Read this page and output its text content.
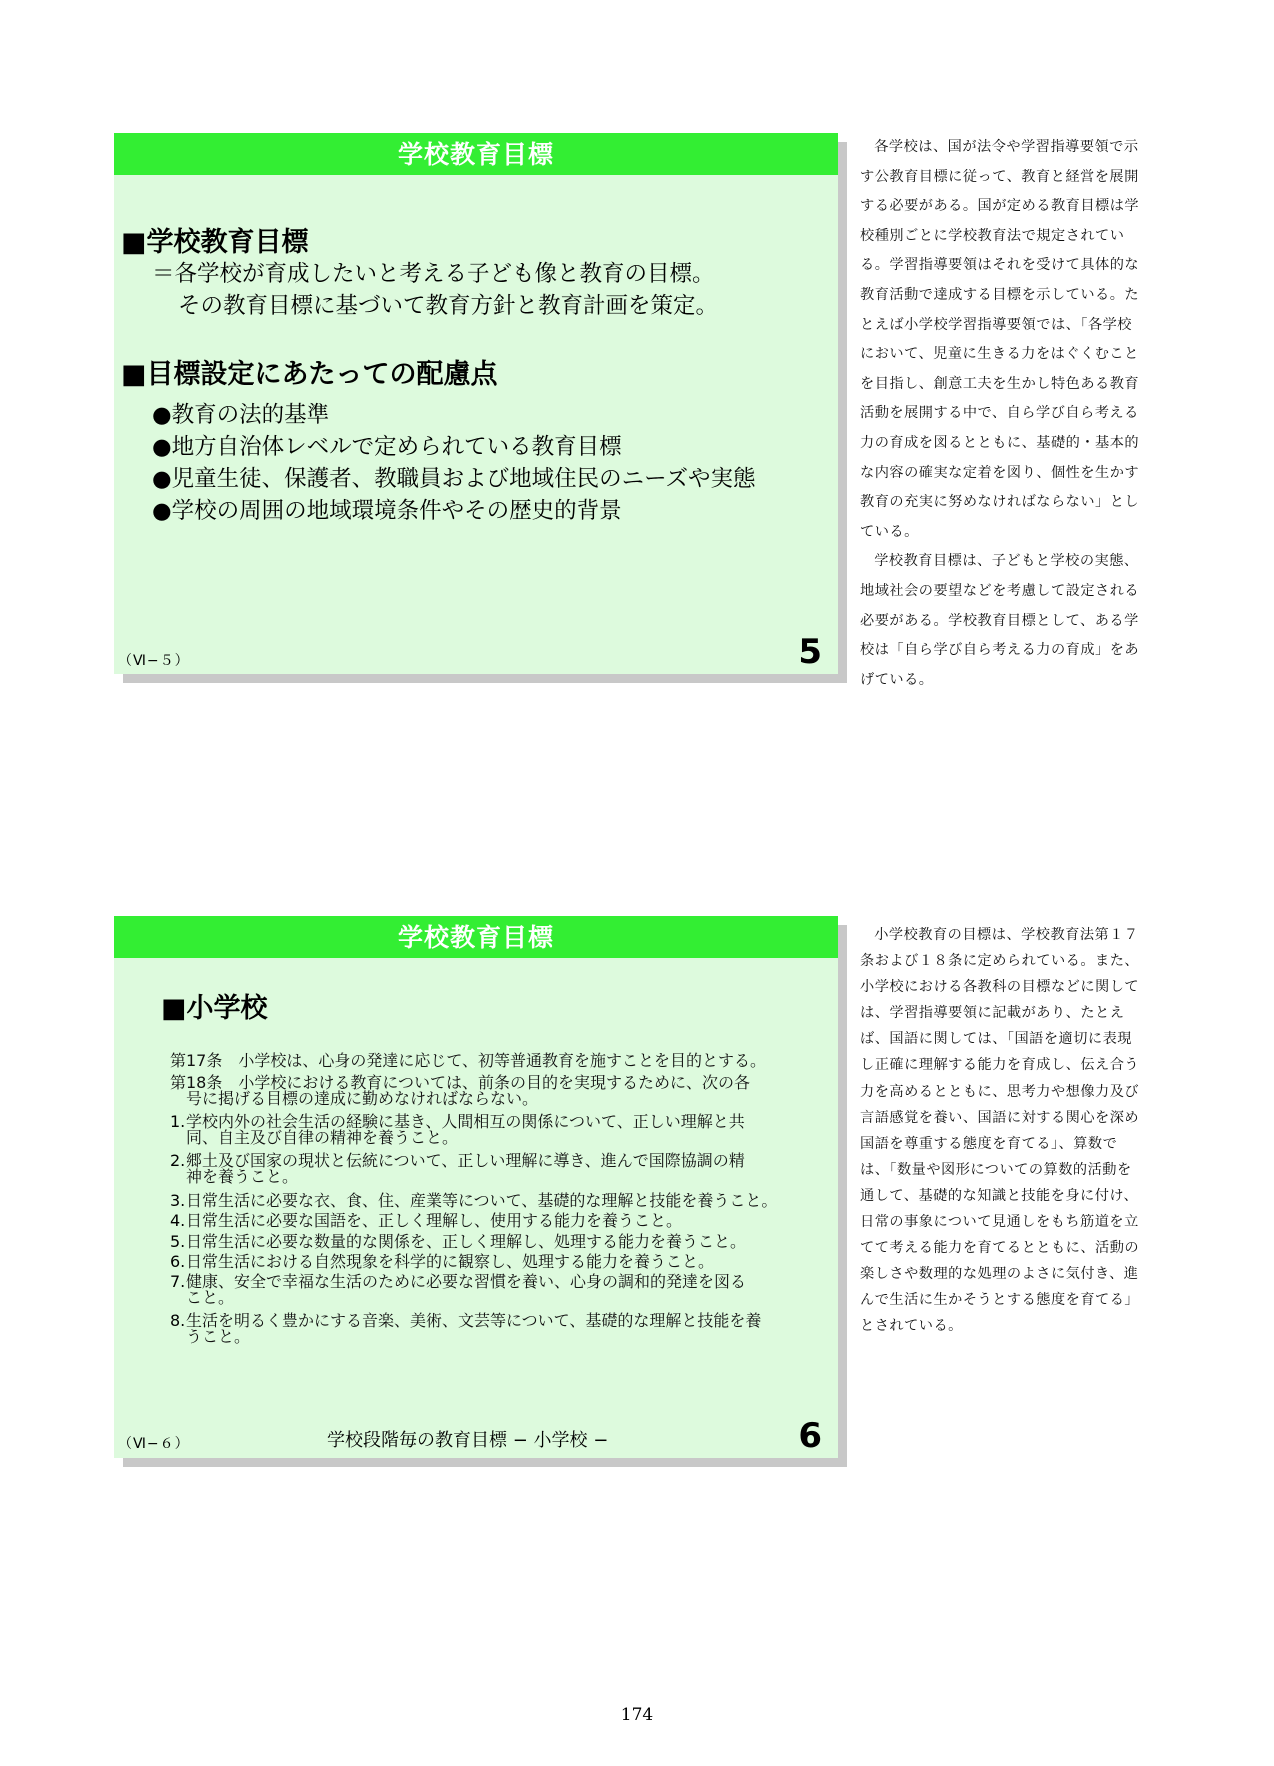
学校教育目標
■学校教育目標
＝各学校が育成したいと考える子ども像と教育の目標。
その教育目標に基づいて教育方針と教育計画を策定。
■目標設定にあたっての配慮点
●教育の法的基準
●地方自治体レベルで定められている教育目標
●児童生徒、保護者、教職員および地域住民のニーズや実態
●学校の周囲の地域環境条件やその歴史的背景
（Ⅵ−５）	5

各学校は、国が法令や学習指導要領で示す公教育目標に従って、教育と経営を展開する必要がある。国が定める教育目標は学校種別ごとに学校教育法で規定されている。学習指導要領はそれを受けて具体的な教育活動で達成する目標を示している。たとえば小学校学習指導要領では、「各学校において、児童に生きる力をはぐくむことを目指し、創意工夫を生かし特色ある教育活動を展開する中で、自ら学び自ら考える力の育成を図るとともに、基礎的・基本的な内容の確実な定着を図り、個性を生かす教育の充実に努めなければならない」としている。

学校教育目標は、子どもと学校の実態、地域社会の要望などを考慮して設定される必要がある。学校教育目標として、ある学校は「自ら学び自ら考える力の育成」をあげている。

学校教育目標
■小学校
第17条　小学校は、心身の発達に応じて、初等普通教育を施すことを目的とする。
第18条　小学校における教育については、前条の目的を実現するために、次の各
号に掲げる目標の達成に勤めなければならない。
1. 学校内外の社会生活の経験に基き、人間相互の関係について、正しい理解と共
同、自主及び自律の精神を養うこと。
2. 郷土及び国家の現状と伝統について、正しい理解に導き、進んで国際協調の精
神を養うこと。
3. 日常生活に必要な衣、食、住、産業等について、基礎的な理解と技能を養うこと。
4. 日常生活に必要な国語を、正しく理解し、使用する能力を養うこと。
5. 日常生活に必要な数量的な関係を、正しく理解し、処理する能力を養うこと。
6. 日常生活における自然現象を科学的に観察し、処理する能力を養うこと。
7. 健康、安全で幸福な生活のために必要な習慣を養い、心身の調和的発達を図る
こと。
8. 生活を明るく豊かにする音楽、美術、文芸等について、基礎的な理解と技能を養
うこと。
（Ⅵ−６）	学校段階毎の教育目標 − 小学校 −	6

小学校教育の目標は、学校教育法第１７条および１８条に定められている。また、小学校における各教科の目標などに関しては、学習指導要領に記載があり、たとえば、国語に関しては、「国語を適切に表現し正確に理解する能力を育成し、伝え合う力を高めるとともに、思考力や想像力及び言語感覚を養い、国語に対する関心を深め国語を尊重する態度を育てる」、算数では、「数量や図形についての算数的活動を通して、基礎的な知識と技能を身に付け、日常の事象について見通しをもち筋道を立てて考える能力を育てるとともに、活動の楽しさや数理的な処理のよさに気付き、進んで生活に生かそうとする態度を育てる」とされている。

174
